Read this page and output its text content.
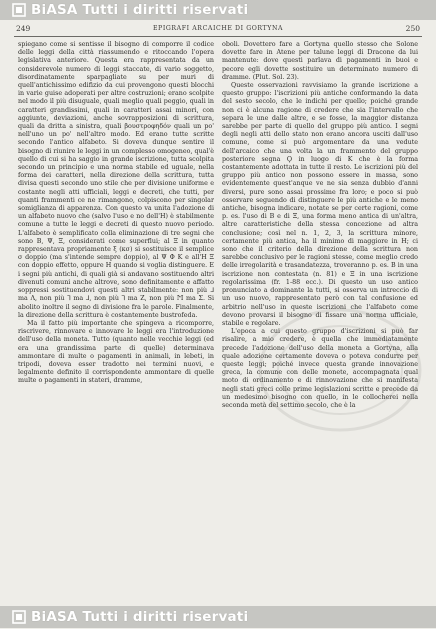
BiASA Tutti i diritti riservati
249	EPIGRAFI ARCAICHE DI GORTYNA	250

spiegano come si sentisse il bisogno di comporre il codice delle leggi della città riassumendo e ritoccando l'opera legislativa anteriore. Questa era rappresentata da un considerevole numero di leggi staccate, di vario soggetto, disordinatamente sparpagliate su per muri di quell'antichissimo edifizio da cui provengono questi blocchi in varie guise adoperati per altre costruzioni; erano scolpite nel modo il più disuguale, quali meglio quali peggio, quali in caratteri grandissimi, quali in caratteri assai minori, con aggiunte, deviazioni, anche sovrapposizioni di scrittura, quali da dritta a sinistra, quali βουστροφηδόν quali un po' nell'uno un po' nell'altro modo. Ed erano tutte scritte secondo l'antico alfabeto. Si doveva dunque sentire il bisogno di riunire le leggi in un complesso omogeneo, qual'è quello di cui si ha saggio in grande iscrizione, tutta scolpita secondo un principio e una norma stabile ed uguale, nella forma dei caratteri, nella direzione della scrittura, tutta divisa questi secondo uno stile che per divisione uniforme e costante negli atti ufficiali, leggi e decreti, che tutti, per quanti frammenti ce ne rimangono, colpiscono per singolar somiglianza di apparenza. Con questo va unita l'adozione di un alfabeto nuovo che (salvo l'uso e no dell'H) è stabilmente comune a tutte le leggi e decreti di questo nuovo periodo. L'alfabeto è semplificato colla eliminazione di tre segni che sono B, Ψ, Ξ, considerati come superflui; al Ξ in quanto rappresentava propriamente ξ (κσ) si sostituisce il semplice σ doppio (ma s'intende sempre doppio), al Ψ Φ K e all'H Ξ con doppio effetto, oppure H quando si voglia distinguere. E i segni più antichi, di quali già si andavano sostituendo altri divenuti comuni anche altrove, sono definitamente e affatto soppressi sostituendovi questi altri stabilmente: non più ⅃ ma Λ, non più ⅂ ma ⅃, non più ⅂ ma Ζ, non più Ϻ ma Σ. Si abolito inoltre il segno di divisione fra le parole. Finalmente, la direzione della scrittura è costantemente bustrofeda.

Ma il fatto più importante che spingeva a ricomporre, riscrivere, rinnovare e innovare le leggi era l'introduzione dell'uso della moneta. Tutto (quanto nelle vecchie leggi (ed era una grandissima parte di quelle) determinava ammontare di multe o pagamenti in animali, in lebeti, in tripodi, doveva esser tradotto nei termini nuovi, e legalmente definito il corrispondente ammontare di quelle multe o pagamenti in stateri, dramme,

oboli. Dovettero fare a Gortyna quello stesso che Solone dovette fare in Atene per talune leggi di Dracone da lui mantenute: dove questi parlava di pagamenti in buoi e pecore egli dovette sostituire un determinato numero di dramme. (Plut. Sol. 23).

Queste osservazioni ravvisiamo la grande iscrizione a questo gruppo: l'iscrizioni più antiche conformando la data del sesto secolo, che le indichi per quello; poiché grande non ci è alcuna ragione di credere che sia l'intervallo che separa le une dalle altre, e se fosse, la maggior distanza sarebbe per parte di quello del gruppo più antico. I segni degli negli atti dello stato non erano ancora usciti dall'uso comune, come si può argomentare da una vedute dell'arcaico che una volta la un frammento del gruppo posteriore segna Ϙ in luogo di K che è la forma costantemente adottata in tutte il resto. Le iscrizioni più del gruppo più antico non possono essere in massa, sono evidentemente quest'anque ve ne sia senza dubbio d'anni diversi, pure sono assai prossime fra loro; e poco si può osservare seguendo di distinguere le più antiche e le meno antiche, bisogna indicare, notate se per certe ragioni, come p. es. l'uso di B e di Ξ, una forma meno antica di un'altra, altre caratteristiche della stessa concezione ad altra conclusione; così nel n. 1, 2, 3, la scrittura minore, certamente più antica, ha il minimo di maggiore in H; ci sono che il criterio della direzione della scrittura non sarebbe conclusivo per le ragioni stesse, come meglio credo delle irregolarità e trasandatezza, troveranno p. es. B in una iscrizione non contestata (n. 81) e Ξ in una iscrizione regolarissima (fr. 1-88 ecc.). Di questo un uso antico pronunciato a dominante la tutti, si osserva un intreccio di un uso nuovo, rappresentato però con tal confusione ed arbitrio nell'uso in queste iscrizioni che l'alfabeto come devono provarsi il bisogno di fissare una norma ufficiale, stabile e regolare.

L'epoca a cui questo gruppo d'iscrizioni si può far risalire, a mio credere, è quella che immediatamente precede l'adozione dell'uso della moneta a Gortyna, alla quale adozione certamente doveva o poteva condurre per queste leggi; poiché invece questa grande innovazione greca, la comune con delle monete, accompagnata qual moto di ordinamento e di rinnovazione che si manifesta negli stati greci colle prime legislazioni scritte e precede da un medesimo bisogno con quello, in le collocherei nella seconda metà del settimo secolo, che è la

BiASA Tutti i diritti riservati
